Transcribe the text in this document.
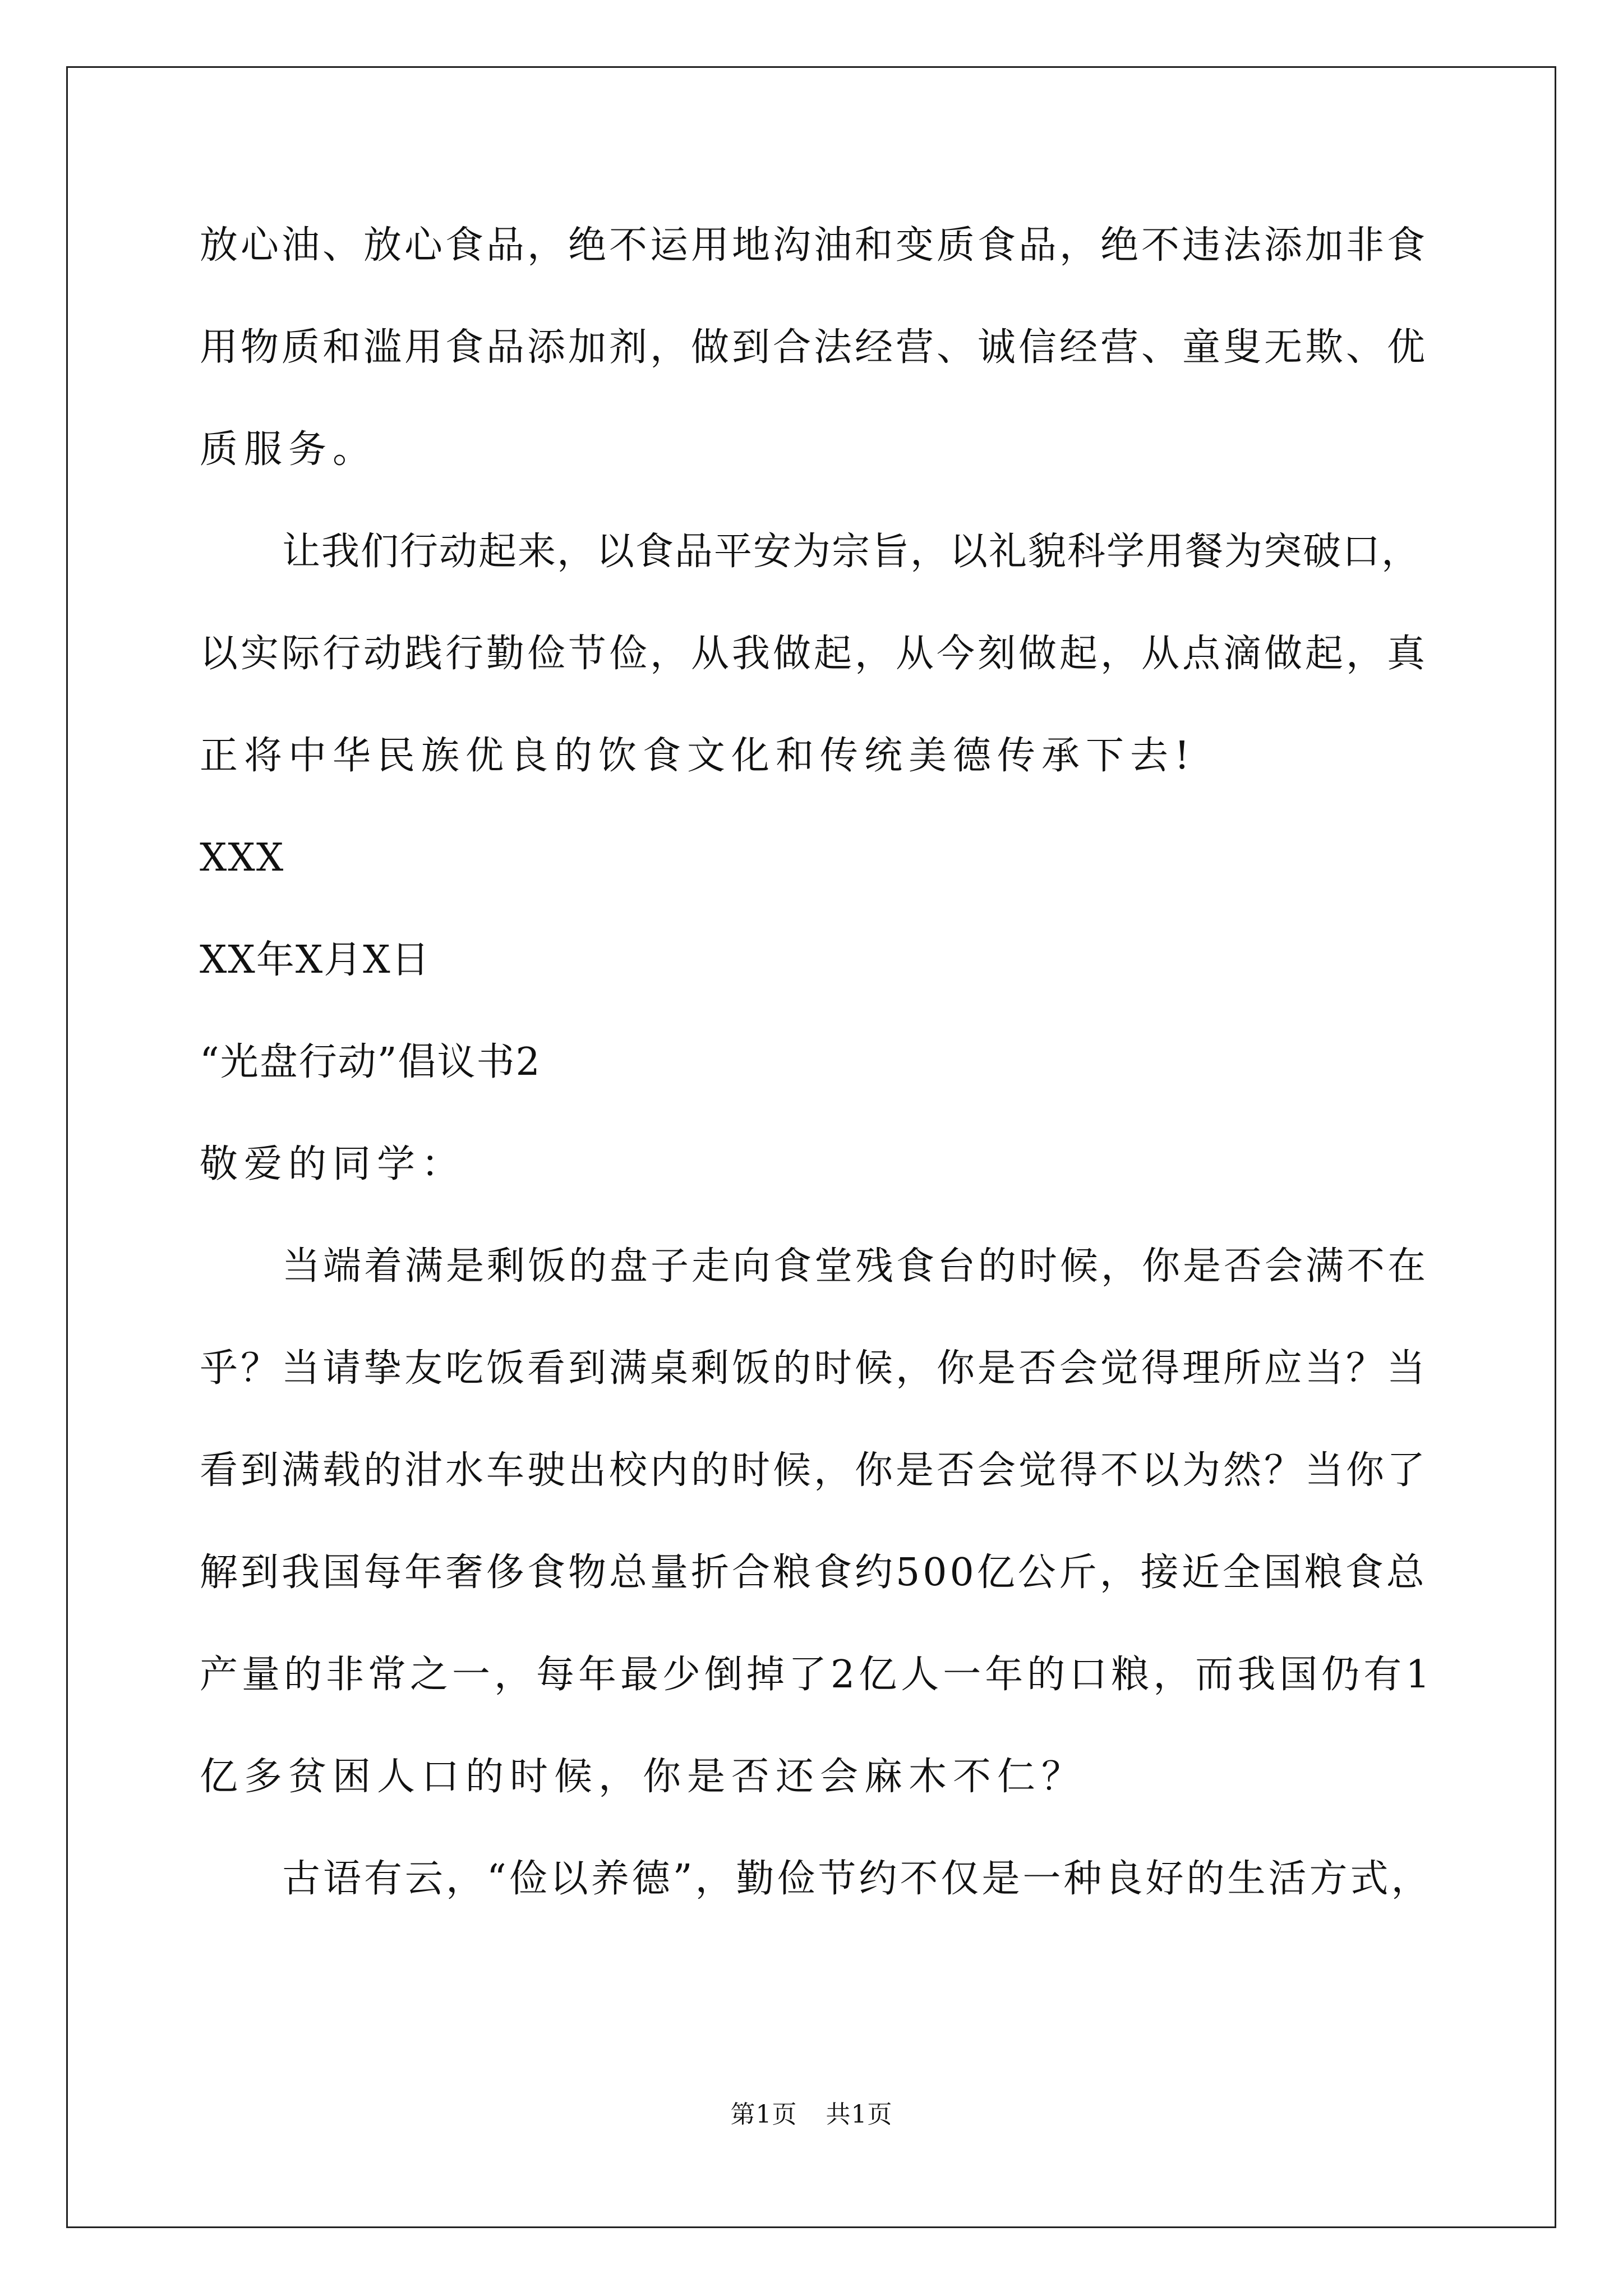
放心油、放心食品，绝不运用地沟油和变质食品，绝不违法添加非食

用物质和滥用食品添加剂，做到合法经营、诚信经营、童叟无欺、优

质服务。

让我们行动起来，以食品平安为宗旨，以礼貌科学用餐为突破口，

以实际行动践行勤俭节俭，从我做起，从今刻做起，从点滴做起，真

正将中华民族优良的饮食文化和传统美德传承下去!

XXX

XX年X月X日

“光盘行动”倡议书2

敬爱的同学：

当端着满是剩饭的盘子走向食堂残食台的时候，你是否会满不在

乎？当请挚友吃饭看到满桌剩饭的时候，你是否会觉得理所应当？当

看到满载的泔水车驶出校内的时候，你是否会觉得不以为然？当你了

解到我国每年奢侈食物总量折合粮食约500亿公斤，接近全国粮食总

产量的非常之一，每年最少倒掉了2亿人一年的口粮，而我国仍有1

亿多贫困人口的时候，你是否还会麻木不仁？

古语有云，“俭以养德”，勤俭节约不仅是一种良好的生活方式，

第1页 共1页
